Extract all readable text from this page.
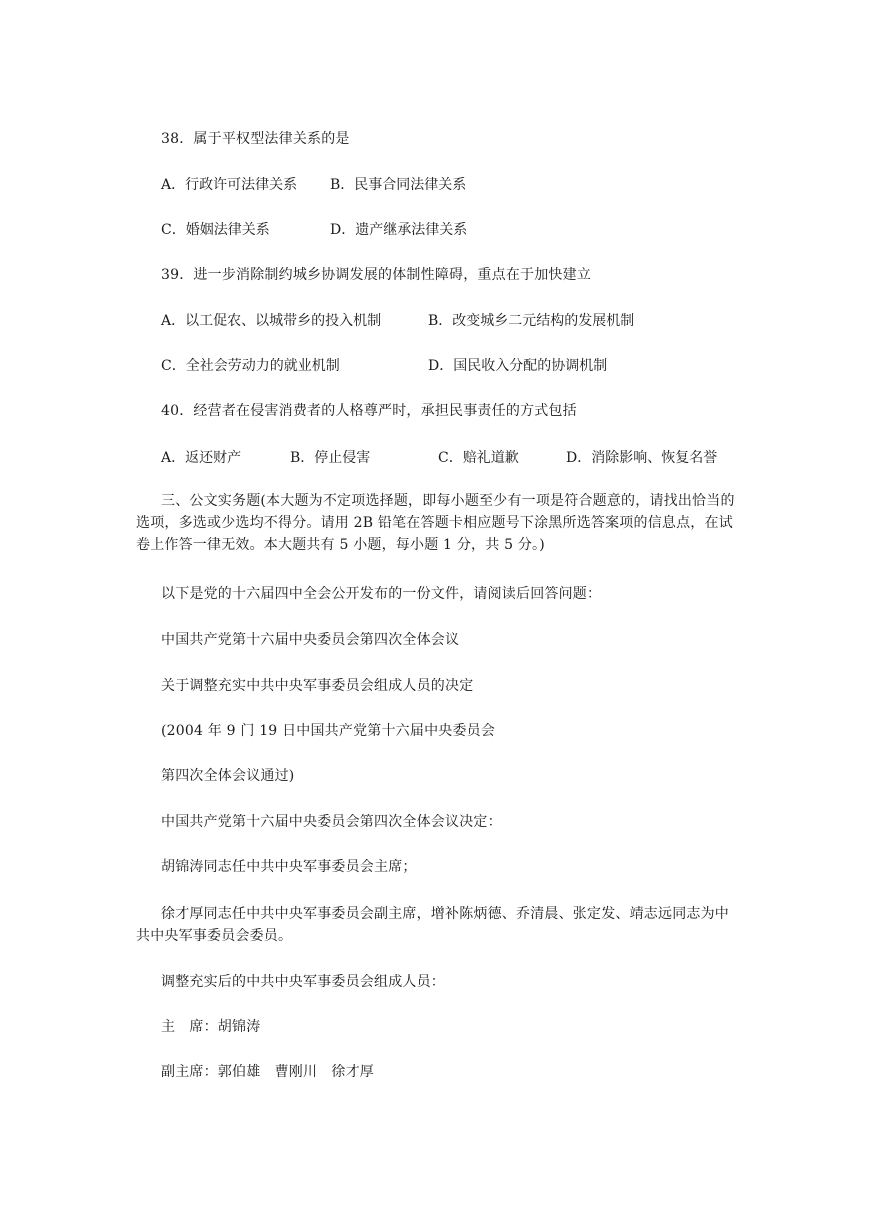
38．属于平权型法律关系的是
A．行政许可法律关系 B．民事合同法律关系
C．婚姻法律关系	D．遗产继承法律关系
39．进一步消除制约城乡协调发展的体制性障碍，重点在于加快建立
A．以工促农、以城带乡的投入机制	B．改变城乡二元结构的发展机制
C．全社会劳动力的就业机制	D．国民收入分配的协调机制
40．经营者在侵害消费者的人格尊严时，承担民事责任的方式包括
A．返还财产	B．停止侵害	C．赔礼道歉	D．消除影响、恢复名誉
三、公文实务题(本大题为不定项选择题，即每小题至少有一项是符合题意的，请找出恰当的选项，多选或少选均不得分。请用 2B 铅笔在答题卡相应题号下涂黑所选答案项的信息点，在试卷上作答一律无效。本大题共有 5 小题，每小题 1 分，共 5 分。)
以下是党的十六届四中全会公开发布的一份文件，请阅读后回答问题：
中国共产党第十六届中央委员会第四次全体会议
关于调整充实中共中央军事委员会组成人员的决定
(2004 年 9 门 19 日中国共产党第十六届中央委员会
第四次全体会议通过)
中国共产党第十六届中央委员会第四次全体会议决定：
胡锦涛同志任中共中央军事委员会主席；
徐才厚同志任中共中央军事委员会副主席，增补陈炳德、乔清晨、张定发、靖志远同志为中共中央军事委员会委员。
调整充实后的中共中央军事委员会组成人员：
主　席：胡锦涛
副主席：郭伯雄　曹刚川　徐才厚
